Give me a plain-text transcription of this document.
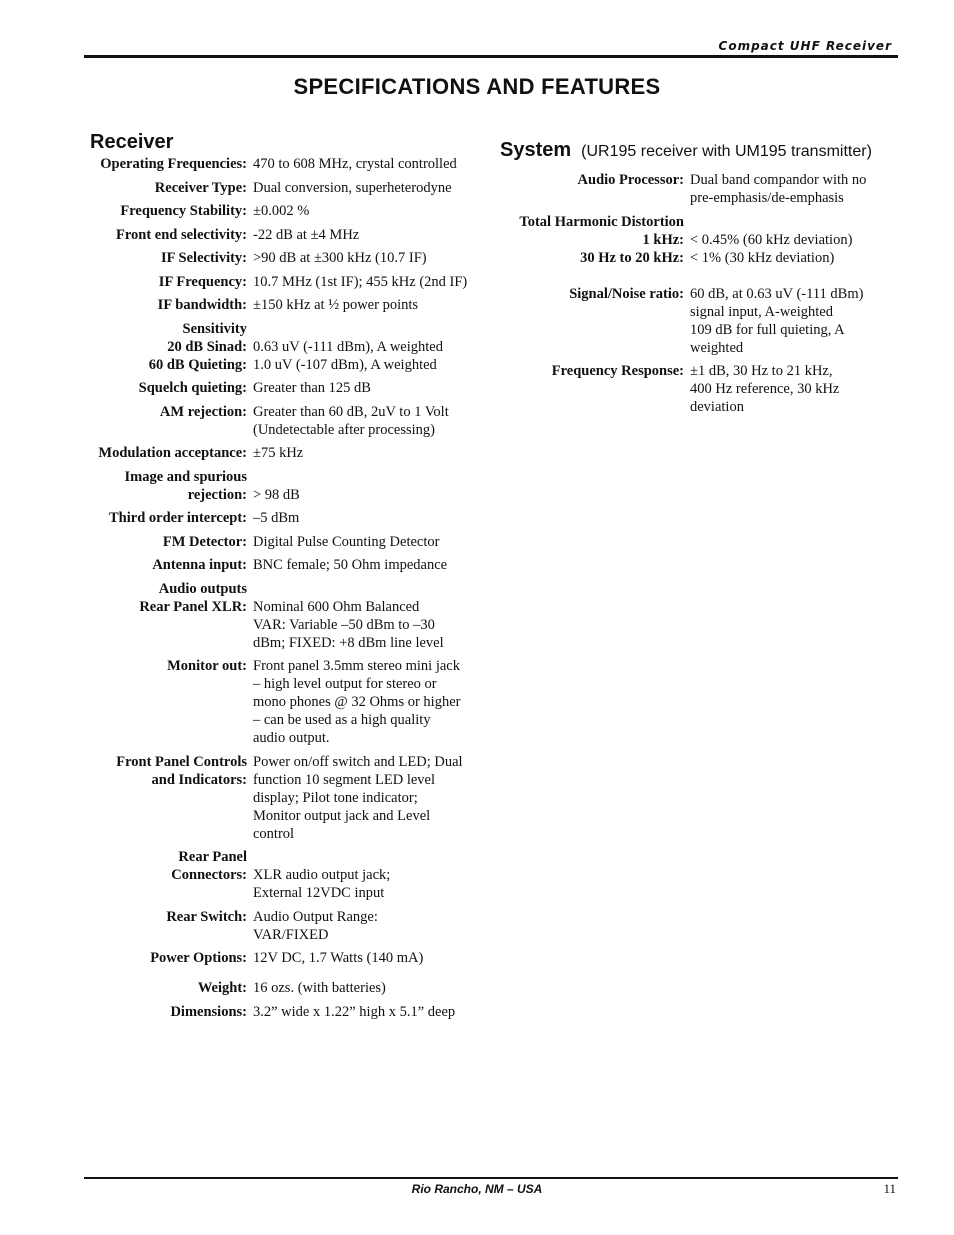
Compact UHF Receiver
SPECIFICATIONS AND FEATURES
Receiver
Operating Frequencies: 470 to 608 MHz, crystal controlled
Receiver Type: Dual conversion, superheterodyne
Frequency Stability: ±0.002 %
Front end selectivity: -22 dB at ±4 MHz
IF Selectivity: >90 dB at ±300 kHz (10.7 IF)
IF Frequency: 10.7 MHz (1st IF); 455 kHz (2nd IF)
IF bandwidth: ±150 kHz at ½ power points
Sensitivity
20 dB Sinad:
60 dB Quieting:

0.63 uV (-111 dBm), A weighted
1.0 uV (-107 dBm), A weighted
Squelch quieting: Greater than 125 dB
AM rejection: Greater than 60 dB, 2uV to 1 Volt
(Undetectable after processing)
Modulation acceptance: ±75 kHz
Image and spurious
rejection:
> 98 dB
Third order intercept: –5 dBm
FM Detector: Digital Pulse Counting Detector
Antenna input: BNC female; 50 Ohm impedance
Audio outputs
Rear Panel XLR:
Nominal 600 Ohm Balanced
VAR: Variable –50 dBm to –30
dBm; FIXED: +8 dBm line level
Monitor out: Front panel 3.5mm stereo mini jack
– high level output for stereo or
mono phones @ 32 Ohms or higher
– can be used as a high quality
audio output.
Front Panel Controls
and Indicators:
Power on/off switch and LED; Dual
function 10 segment LED level
display; Pilot tone indicator;
Monitor output jack and Level
control
Rear Panel
Connectors:
XLR audio output jack;
External 12VDC input
Rear Switch: Audio Output Range:
VAR/FIXED
Power Options: 12V DC, 1.7 Watts (140 mA)
Weight: 16 ozs. (with batteries)
Dimensions: 3.2” wide x 1.22” high x 5.1” deep
System (UR195 receiver with UM195 transmitter)
Audio Processor: Dual band compandor with no
pre-emphasis/de-emphasis
Total Harmonic Distortion
1 kHz:
30 Hz to 20 kHz:

< 0.45% (60 kHz deviation)
< 1% (30 kHz deviation)
Signal/Noise ratio: 60 dB, at 0.63 uV (-111 dBm)
signal input, A-weighted
109 dB for full quieting, A
weighted
Frequency Response: ±1 dB, 30 Hz to 21 kHz,
400 Hz reference, 30 kHz
deviation
Rio Rancho, NM – USA	11
